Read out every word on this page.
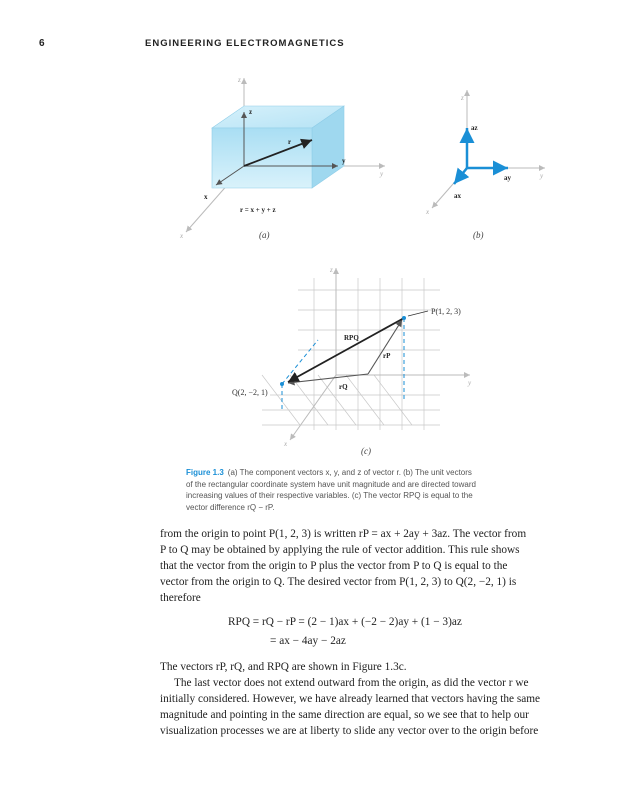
6	ENGINEERING ELECTROMAGNETICS
z
y
x
z
y
x
r
r = x + y + z
(a)
z
y
x
az
ay
ax
(b)
z
y
x
P(1, 2, 3)
Q(2, −2, 1)
RPQ
rP
rQ
(c)
Figure 1.3 (a) The component vectors x, y, and z of vector r. (b) The unit vectors of the rectangular coordinate system have unit magnitude and are directed toward increasing values of their respective variables. (c) The vector RPQ is equal to the vector difference rQ − rP.
from the origin to point P(1, 2, 3) is written rP = ax + 2ay + 3az. The vector from
P to Q may be obtained by applying the rule of vector addition. This rule shows
that the vector from the origin to P plus the vector from P to Q is equal to the
vector from the origin to Q. The desired vector from P(1, 2, 3) to Q(2, −2, 1) is
therefore
RPQ = rQ − rP = (2 − 1)ax + (−2 − 2)ay + (1 − 3)az
= ax − 4ay − 2az
The vectors rP, rQ, and RPQ are shown in Figure 1.3c.
The last vector does not extend outward from the origin, as did the vector r we
initially considered. However, we have already learned that vectors having the same
magnitude and pointing in the same direction are equal, so we see that to help our
visualization processes we are at liberty to slide any vector over to the origin before
